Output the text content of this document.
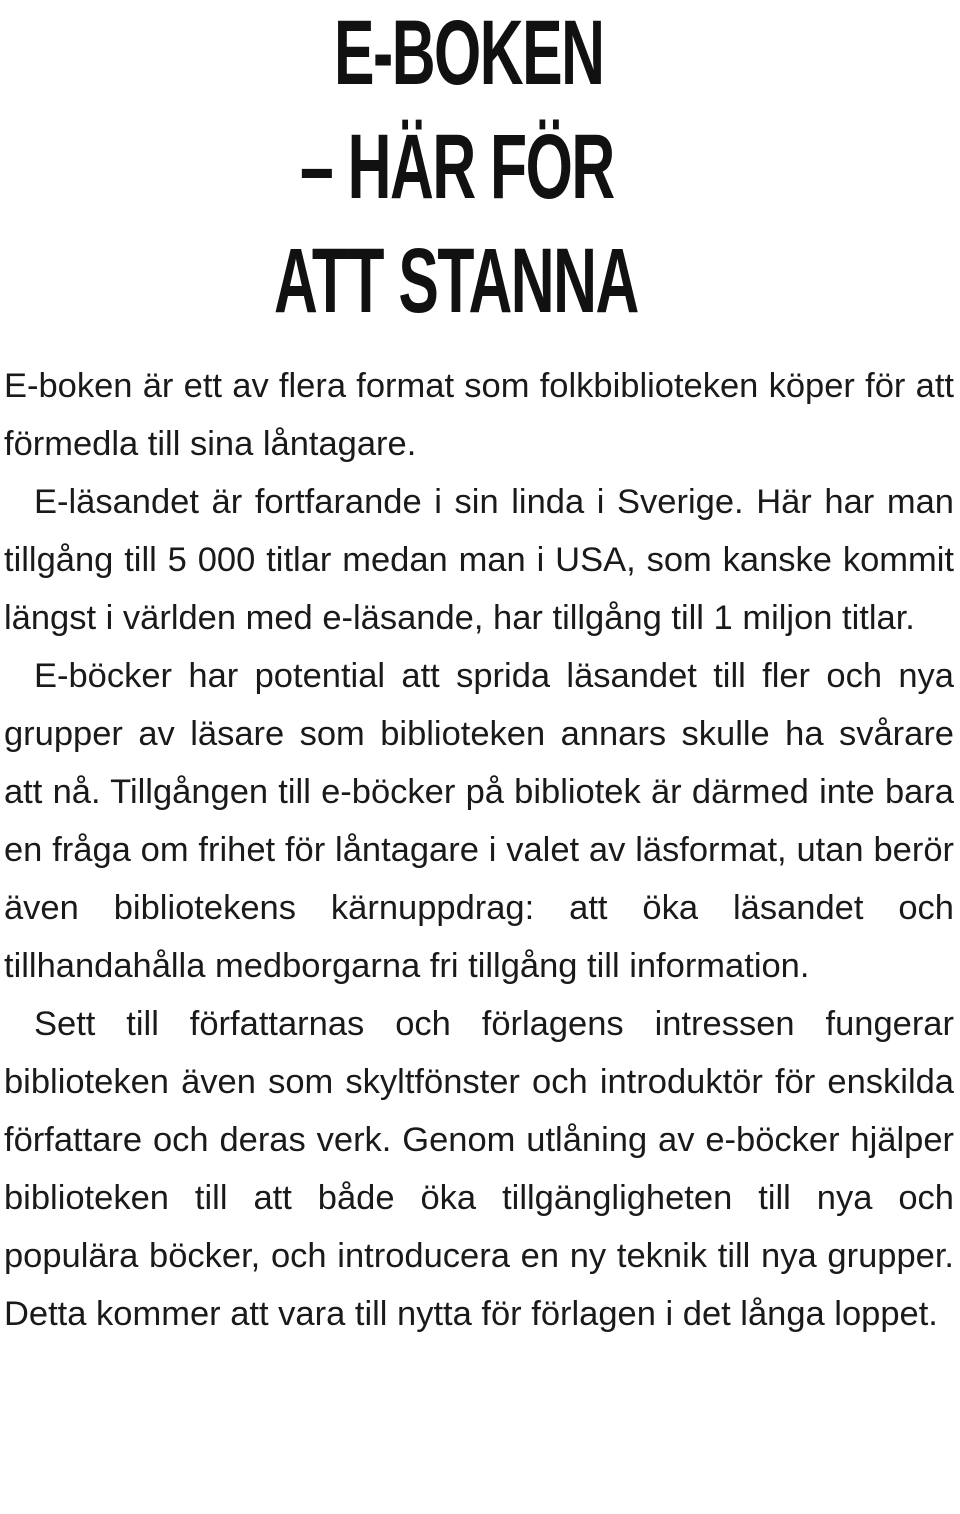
E-BOKEN
– HÄR FÖR
ATT STANNA

E-boken är ett av flera format som folkbiblioteken köper för att förmedla till sina låntagare.

E-läsandet är fortfarande i sin linda i Sverige. Här har man tillgång till 5 000 titlar medan man i USA, som kanske kommit längst i världen med e-läsande, har tillgång till 1 miljon titlar.

E-böcker har potential att sprida läsandet till fler och nya grupper av läsare som biblioteken annars skulle ha svårare att nå. Tillgången till e-böcker på bibliotek är därmed inte bara en fråga om frihet för låntagare i valet av läsformat, utan berör även bibliotekens kärnuppdrag: att öka läsandet och tillhandahålla medborgarna fri tillgång till information.

Sett till författarnas och förlagens intressen fungerar biblioteken även som skyltfönster och introduktör för enskilda författare och deras verk. Genom utlåning av e-böcker hjälper biblioteken till att både öka tillgängligheten till nya och populära böcker, och introducera en ny teknik till nya grupper. Detta kommer att vara till nytta för förlagen i det långa loppet.
